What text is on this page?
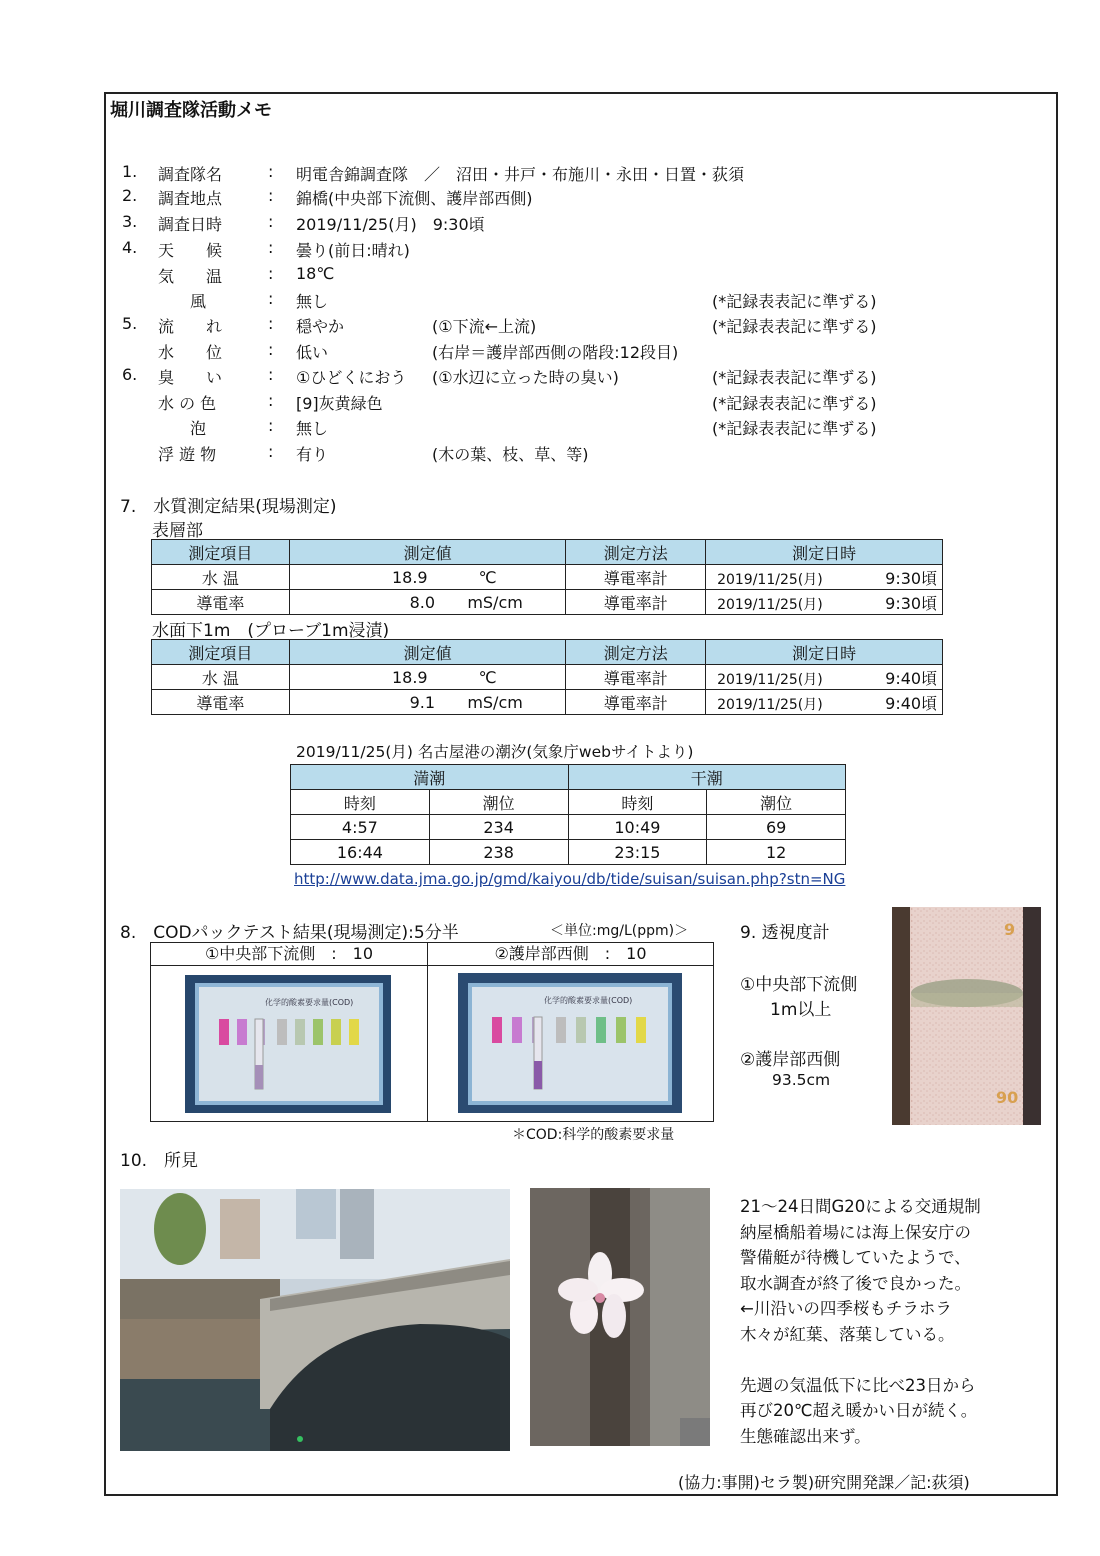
堀川調査隊活動メモ
1. 調査隊名	: 明電舎錦調査隊　／　沼田・井戸・布施川・永田・日置・荻須
2. 調査地点	: 錦橋(中央部下流側、護岸部西側)
3. 調査日時	: 2019/11/25(月)　9:30頃
4. 天　　候	: 曇り(前日:晴れ)
気　　温	: 18℃
　　風	: 無し	(*記録表表記に準ずる)
5. 流　　れ	: 穏やか	(①下流←上流)	(*記録表表記に準ずる)
水　　位	: 低い	(右岸＝護岸部西側の階段:12段目)
6. 臭　　い	: ①ひどくにおう (①水辺に立った時の臭い)	(*記録表表記に準ずる)
水 の 色	: [9]灰黄緑色	(*記録表表記に準ずる)
　　泡	: 無し	(*記録表表記に準ずる)
浮 遊 物	: 有り	(木の葉、枝、草、等)
7.　水質測定結果(現場測定)
表層部
測定項目	測定値	測定方法	測定日時
水 温	18.9 ℃	導電率計	2019/11/25(月) 9:30頃
導電率	8.0 mS/cm	導電率計	2019/11/25(月) 9:30頃
水面下1m　(プローブ1m浸漬)
測定項目	測定値	測定方法	測定日時
水 温	18.9 ℃	導電率計	2019/11/25(月) 9:40頃
導電率	9.1 mS/cm	導電率計	2019/11/25(月) 9:40頃
2019/11/25(月) 名古屋港の潮汐(気象庁webサイトより)
満潮		干潮	
時刻	潮位	時刻	潮位
4:57	234	10:49	69
16:44	238	23:15	12
http://www.data.jma.go.jp/gmd/kaiyou/db/tide/suisan/suisan.php?stn=NG
8.　CODパックテスト結果(現場測定):5分半	＜単位:mg/L(ppm)＞
①中央部下流側　:　10
化学的酸素要求量(COD)
②護岸部西側　:　10
化学的酸素要求量(COD)
＊COD:科学的酸素要求量
9. 透視度計
①中央部下流側
1m以上
②護岸部西側
93.5cm
9
90
10.　所見
21～24日間G20による交通規制
納屋橋船着場には海上保安庁の
警備艇が待機していたようで、
取水調査が終了後で良かった。
←川沿いの四季桜もチラホラ
木々が紅葉、落葉している。

先週の気温低下に比べ23日から
再び20℃超え暖かい日が続く。
生態確認出来ず。
(協力:事開)セラ製)研究開発課／記:荻須)
